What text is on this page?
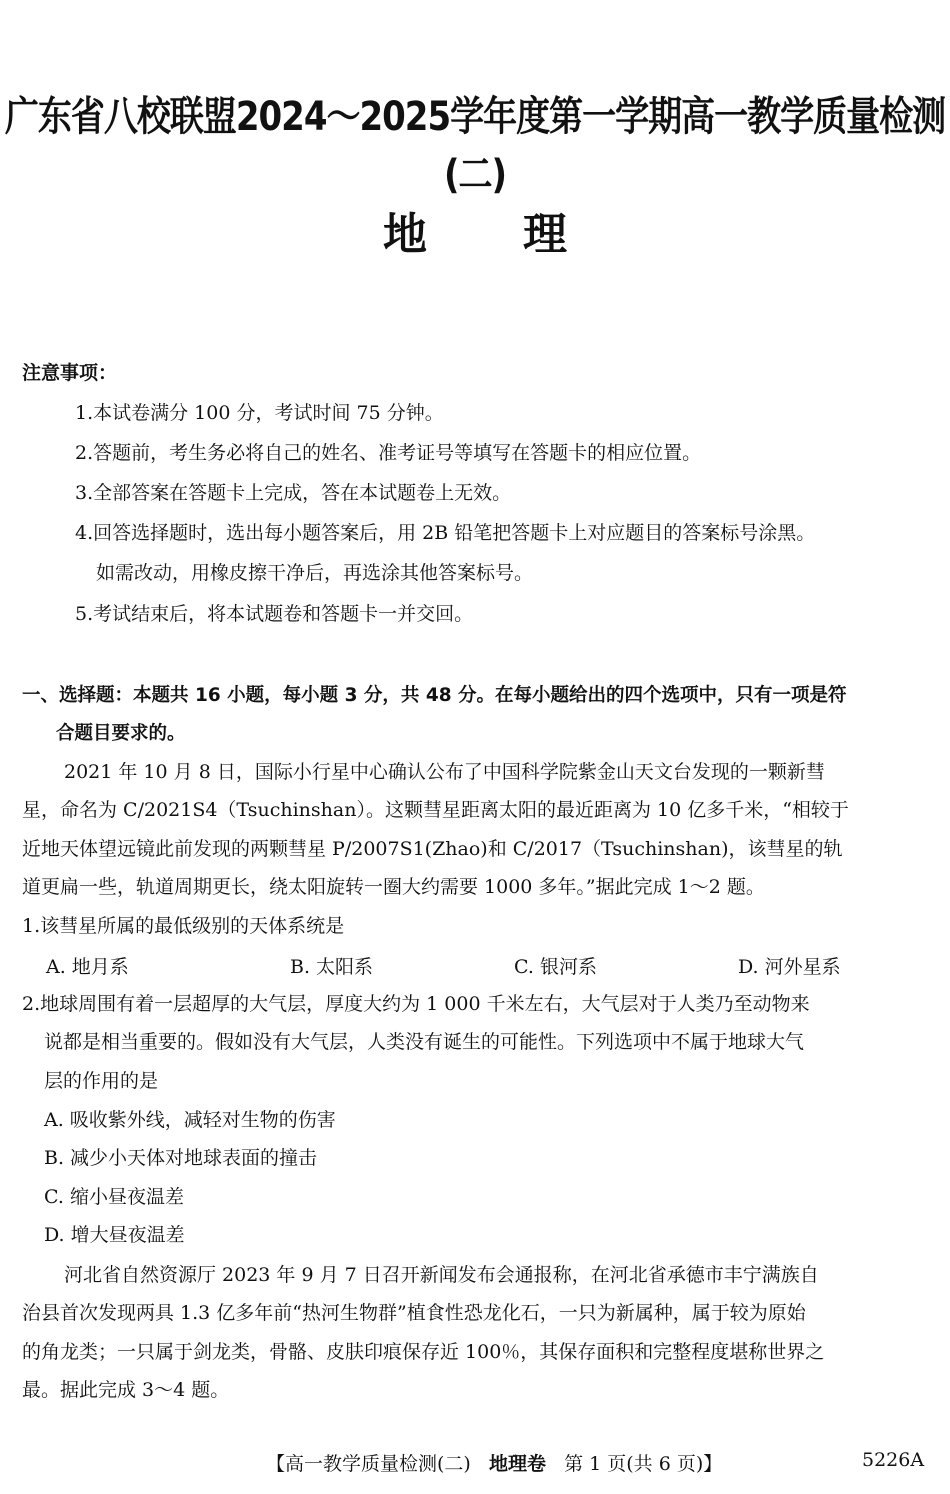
广东省八校联盟2024～2025学年度第一学期高一教学质量检测(二)
地 理
注意事项：
1.本试卷满分 100 分，考试时间 75 分钟。
2.答题前，考生务必将自己的姓名、准考证号等填写在答题卡的相应位置。
3.全部答案在答题卡上完成，答在本试题卷上无效。
4.回答选择题时，选出每小题答案后，用 2B 铅笔把答题卡上对应题目的答案标号涂黑。
如需改动，用橡皮擦干净后，再选涂其他答案标号。
5.考试结束后，将本试题卷和答题卡一并交回。
一、选择题：本题共 16 小题，每小题 3 分，共 48 分。在每小题给出的四个选项中，只有一项是符
合题目要求的。
2021 年 10 月 8 日，国际小行星中心确认公布了中国科学院紫金山天文台发现的一颗新彗
星，命名为 C/2021S4（Tsuchinshan）。这颗彗星距离太阳的最近距离为 10 亿多千米，“相较于
近地天体望远镜此前发现的两颗彗星 P/2007S1(Zhao)和 C/2017（Tsuchinshan)，该彗星的轨
道更扁一些，轨道周期更长，绕太阳旋转一圈大约需要 1000 多年。”据此完成 1～2 题。
1.该彗星所属的最低级别的天体系统是
A. 地月系	B. 太阳系	C. 银河系	D. 河外星系
2.地球周围有着一层超厚的大气层，厚度大约为 1 000 千米左右，大气层对于人类乃至动物来
说都是相当重要的。假如没有大气层，人类没有诞生的可能性。下列选项中不属于地球大气
层的作用的是
A. 吸收紫外线，减轻对生物的伤害
B. 减少小天体对地球表面的撞击
C. 缩小昼夜温差
D. 增大昼夜温差
河北省自然资源厅 2023 年 9 月 7 日召开新闻发布会通报称，在河北省承德市丰宁满族自
治县首次发现两具 1.3 亿多年前“热河生物群”植食性恐龙化石，一只为新属种，属于较为原始
的角龙类；一只属于剑龙类，骨骼、皮肤印痕保存近 100％，其保存面积和完整程度堪称世界之
最。据此完成 3～4 题。
【高一教学质量检测(二) 地理卷 第 1 页(共 6 页)】	5226A
